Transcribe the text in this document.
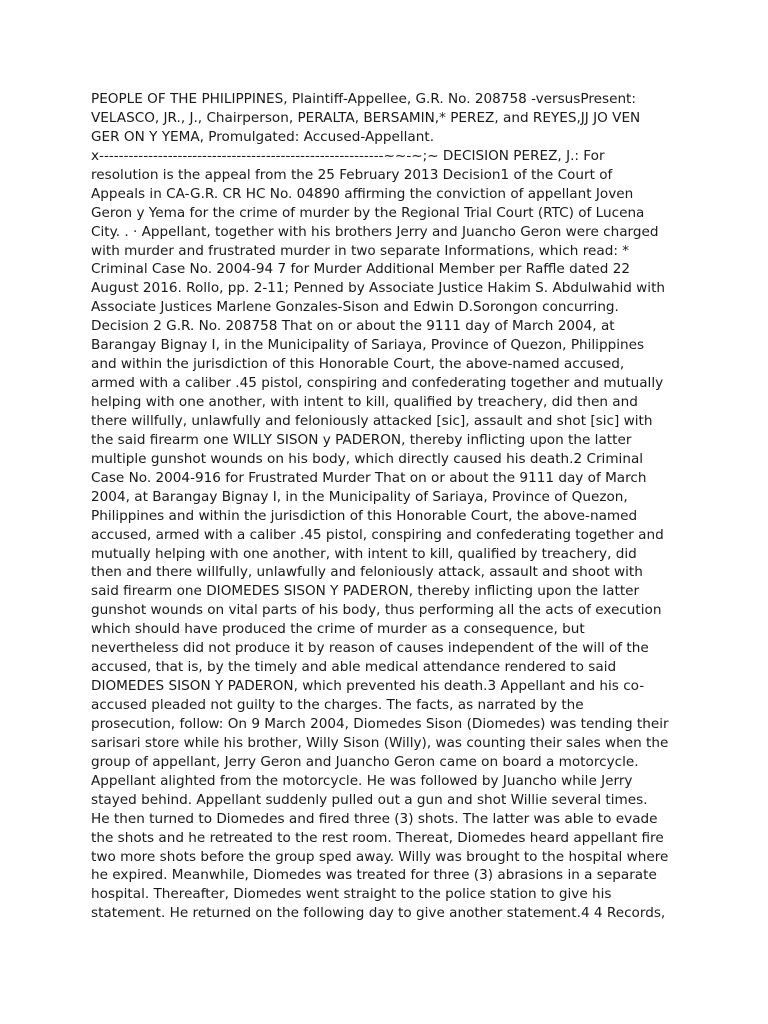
PEOPLE OF THE PHILIPPINES, Plaintiff-Appellee, G.R. No. 208758 -versusPresent:
VELASCO, JR., J., Chairperson, PERALTA, BERSAMIN,* PEREZ, and REYES,JJ JO VEN
GER ON Y YEMA, Promulgated: Accused-Appellant.
x----------------------------------------------------------~~-~;~ DECISION PEREZ, J.: For
resolution is the appeal from the 25 February 2013 Decision1 of the Court of
Appeals in CA-G.R. CR HC No. 04890 affirming the conviction of appellant Joven
Geron y Yema for the crime of murder by the Regional Trial Court (RTC) of Lucena
City. . · Appellant, together with his brothers Jerry and Juancho Geron were charged
with murder and frustrated murder in two separate Informations, which read: *
Criminal Case No. 2004-94 7 for Murder Additional Member per Raffle dated 22
August 2016. Rollo, pp. 2-11; Penned by Associate Justice Hakim S. Abdulwahid with
Associate Justices Marlene Gonzales-Sison and Edwin D.Sorongon concurring.
Decision 2 G.R. No. 208758 That on or about the 9111 day of March 2004, at
Barangay Bignay I, in the Municipality of Sariaya, Province of Quezon, Philippines
and within the jurisdiction of this Honorable Court, the above-named accused,
armed with a caliber .45 pistol, conspiring and confederating together and mutually
helping with one another, with intent to kill, qualified by treachery, did then and
there willfully, unlawfully and feloniously attacked [sic], assault and shot [sic] with
the said firearm one WILLY SISON y PADERON, thereby inflicting upon the latter
multiple gunshot wounds on his body, which directly caused his death.2 Criminal
Case No. 2004-916 for Frustrated Murder That on or about the 9111 day of March
2004, at Barangay Bignay I, in the Municipality of Sariaya, Province of Quezon,
Philippines and within the jurisdiction of this Honorable Court, the above-named
accused, armed with a caliber .45 pistol, conspiring and confederating together and
mutually helping with one another, with intent to kill, qualified by treachery, did
then and there willfully, unlawfully and feloniously attack, assault and shoot with
said firearm one DIOMEDES SISON Y PADERON, thereby inflicting upon the latter
gunshot wounds on vital parts of his body, thus performing all the acts of execution
which should have produced the crime of murder as a consequence, but
nevertheless did not produce it by reason of causes independent of the will of the
accused, that is, by the timely and able medical attendance rendered to said
DIOMEDES SISON Y PADERON, which prevented his death.3 Appellant and his co-
accused pleaded not guilty to the charges. The facts, as narrated by the
prosecution, follow: On 9 March 2004, Diomedes Sison (Diomedes) was tending their
sarisari store while his brother, Willy Sison (Willy), was counting their sales when the
group of appellant, Jerry Geron and Juancho Geron came on board a motorcycle.
Appellant alighted from the motorcycle. He was followed by Juancho while Jerry
stayed behind. Appellant suddenly pulled out a gun and shot Willie several times.
He then turned to Diomedes and fired three (3) shots. The latter was able to evade
the shots and he retreated to the rest room. Thereat, Diomedes heard appellant fire
two more shots before the group sped away. Willy was brought to the hospital where
he expired. Meanwhile, Diomedes was treated for three (3) abrasions in a separate
hospital. Thereafter, Diomedes went straight to the police station to give his
statement. He returned on the following day to give another statement.4 4 Records,
